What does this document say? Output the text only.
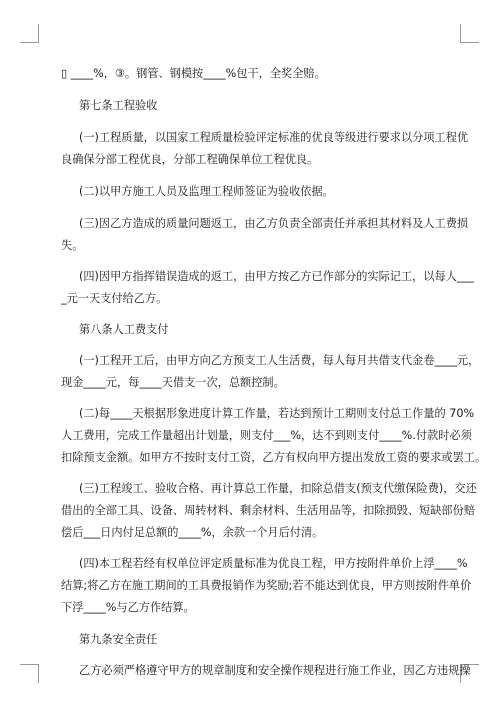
▯ ____%，③。钢管、钢模按____%包干，全奖全赔。
第七条工程验收
(一)工程质量，以国家工程质量检验评定标准的优良等级进行要求以分项工程优
良确保分部工程优良，分部工程确保单位工程优良。
(二)以甲方施工人员及监理工程师签证为验收依据。
(三)因乙方造成的质量问题返工，由乙方负责全部责任并承担其材料及人工费损
失。
(四)因甲方指挥错误造成的返工，由甲方按乙方已作部分的实际记工，以每人___
_元一天支付给乙方。
第八条人工费支付
(一)工程开工后，由甲方向乙方预支工人生活费，每人每月共借支代金卷____元，
现金____元，每____天借支一次，总额控制。
(二)每____天根据形象进度计算工作量，若达到预计工期则支付总工作量的 70%
人工费用，完成工作量超出计划量，则支付___%，达不到则支付____%.付款时必须
扣除预支金额。如甲方不按时支付工资，乙方有权向甲方提出发放工资的要求或罢工。
(三)工程竣工、验收合格、再计算总工作量，扣除总借支(预支代缴保险费)，交还
借出的全部工具、设备、周转材料、剩余材料、生活用品等，扣除损毁、短缺部份赔
偿后___日内付足总额的____%，余款一个月后付清。
(四)本工程若经有权单位评定质量标准为优良工程，甲方按附件单价上浮____%
结算;将乙方在施工期间的工具费报销作为奖励;若不能达到优良，甲方则按附件单价
下浮____%与乙方作结算。
第九条安全责任
乙方必须严格遵守甲方的规章制度和安全操作规程进行施工作业，因乙方违规操
